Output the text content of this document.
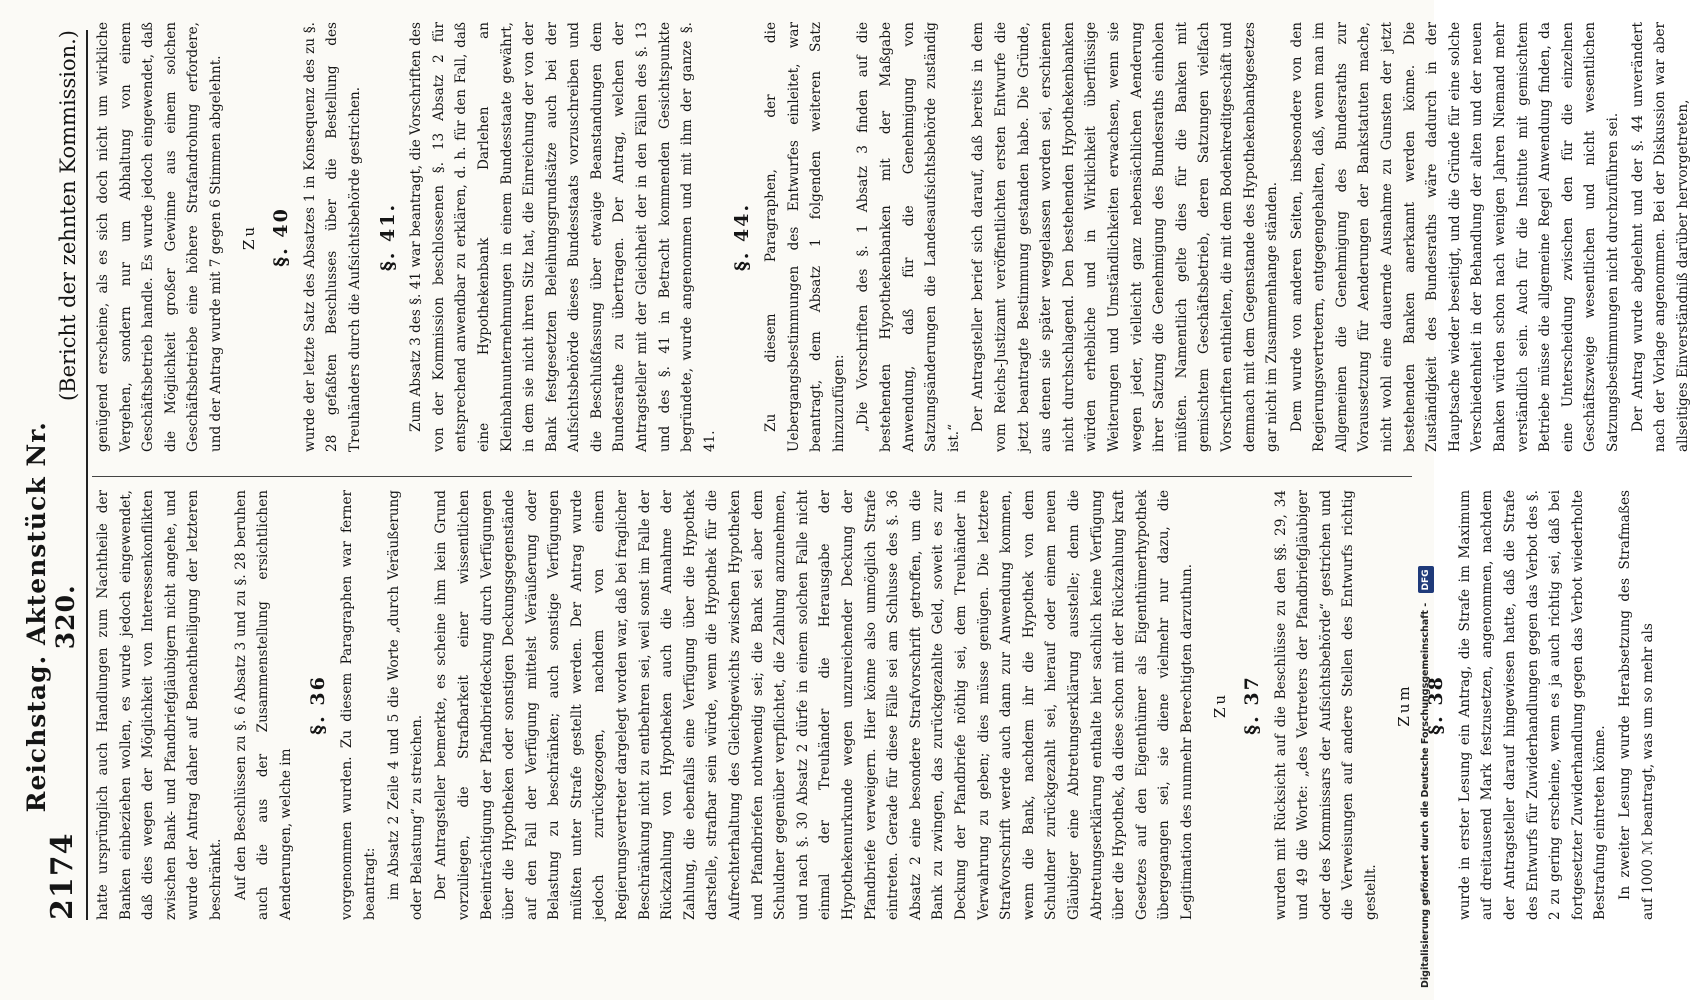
2174
Reichstag. Aktenstück Nr. 320.
(Bericht der zehnten Kommission.)

hatte ursprünglich auch Handlungen zum Nachtheile der Banken einbeziehen wollen, es wurde jedoch eingewendet, daß dies wegen der Möglichkeit von Interessenkonflikten zwischen Bank- und Pfandbriefgläubigern nicht angehe, und wurde der Antrag daher auf Benachtheiligung der letzteren beschränkt. Auf den Beschlüssen zu §. 6 Absatz 3 und zu §. 28 beruhen auch die aus der Zusammenstellung ersichtlichen Aenderungen, welche im

§. 36 vorgenommen wurden. Zu diesem Paragraphen war ferner beantragt: im Absatz 2 Zeile 4 und 5 die Worte „durch Veräußerung oder Belastung“ zu streichen. Der Antragsteller bemerkte, es scheine ihm kein Grund vorzuliegen, die Strafbarkeit einer wissentlichen Beeinträchtigung der Pfandbriefdeckung durch Verfügungen über die Hypotheken oder sonstigen Deckungsgegenstände auf den Fall der Verfügung mittelst Veräußerung oder Belastung zu beschränken; auch sonstige Verfügungen müßten unter Strafe gestellt werden. Der Antrag wurde jedoch zurückgezogen, nachdem von einem Regierungsvertreter dargelegt worden war, daß bei fraglicher Beschränkung nicht zu entbehren sei, weil sonst im Falle der Rückzahlung von Hypotheken auch die Annahme der Zahlung, die ebenfalls eine Verfügung über die Hypothek darstelle, strafbar sein würde, wenn die Hypothek für die Aufrechterhaltung des Gleichgewichts zwischen Hypotheken und Pfandbriefen nothwendig sei; die Bank sei aber dem Schuldner gegenüber verpflichtet, die Zahlung anzunehmen, und nach §. 30 Absatz 2 dürfe in einem solchen Falle nicht einmal der Treuhänder die Herausgabe der Hypothekenurkunde wegen unzureichender Deckung der Pfandbriefe verweigern. Hier könne also unmöglich Strafe eintreten. Gerade für diese Fälle sei am Schlusse des §. 36 Absatz 2 eine besondere Strafvorschrift getroffen, um die Bank zu zwingen, das zurückgezahlte Geld, soweit es zur Deckung der Pfandbriefe nöthig sei, dem Treuhänder in Verwahrung zu geben; dies müsse genügen. Die letztere Strafvorschrift werde auch dann zur Anwendung kommen, wenn die Bank, nachdem ihr die Hypothek von dem Schuldner zurückgezahlt sei, hierauf oder einem neuen Gläubiger eine Abtretungserklärung ausstelle; denn die Abtretungserklärung enthalte hier sachlich keine Verfügung über die Hypothek, da diese schon mit der Rückzahlung kraft Gesetzes auf den Eigenthümer als Eigenthümerhypothek übergegangen sei, sie diene vielmehr nur dazu, die Legitimation des nunmehr Berechtigten darzuthun. Zu §. 37 wurden mit Rücksicht auf die Beschlüsse zu den §§. 29, 34 und 49 die Worte: „des Vertreters der Pfandbriefgläubiger oder des Kommissars der Aufsichtsbehörde“ gestrichen und die Verweisungen auf andere Stellen des Entwurfs richtig gestellt.

Zum §. 38 wurde in erster Lesung ein Antrag, die Strafe im Maximum auf dreitausend Mark festzusetzen, angenommen, nachdem der Antragsteller darauf hingewiesen hatte, daß die Strafe des Entwurfs für Zuwiderhandlungen gegen das Verbot des §. 2 zu gering erscheine, wenn es ja auch richtig sei, daß bei fortgesetzter Zuwiderhandlung gegen das Verbot wiederholte Bestrafung eintreten könne. In zweiter Lesung wurde Herabsetzung des Strafmaßes auf 1000 ℳ beantragt, was um so mehr als

genügend erscheine, als es sich doch nicht um wirkliche Vergehen, sondern nur um Abhaltung von einem Geschäftsbetrieb handle. Es wurde jedoch eingewendet, daß die Möglichkeit großer Gewinne aus einem solchen Geschäftsbetriebe eine höhere Strafandrohung erfordere, und der Antrag wurde mit 7 gegen 6 Stimmen abgelehnt. Zu §. 40 wurde der letzte Satz des Absatzes 1 in Konsequenz des zu §. 28 gefaßten Beschlusses über die Bestellung des Treuhänders durch die Aufsichtsbehörde gestrichen. §. 41. Zum Absatz 3 des §. 41 war beantragt, die Vorschriften des von der Kommission beschlossenen §. 13 Absatz 2 für entsprechend anwendbar zu erklären, d. h. für den Fall, daß eine Hypothekenbank Darlehen an Kleinbahnunternehmungen in einem Bundesstaate gewährt, in dem sie nicht ihren Sitz hat, die Einreichung der von der Bank festgesetzten Beleihungsgrundsätze auch bei der Aufsichtsbehörde dieses Bundesstaats vorzuschreiben und die Beschlußfassung über etwaige Beanstandungen dem Bundesrathe zu übertragen. Der Antrag, welchen der Antragsteller mit der Gleichheit der in den Fällen des §. 13 und des §. 41 in Betracht kommenden Gesichtspunkte begründete, wurde angenommen und mit ihm der ganze §. 41.

§. 44. Zu diesem Paragraphen, der die Uebergangsbestimmungen des Entwurfes einleitet, war beantragt, dem Absatz 1 folgenden weiteren Satz hinzuzufügen: „Die Vorschriften des §. 1 Absatz 3 finden auf die bestehenden Hypothekenbanken mit der Maßgabe Anwendung, daß für die Genehmigung von Satzungsänderungen die Landesaufsichtsbehörde zuständig ist.“

Der Antragsteller berief sich darauf, daß bereits in dem vom Reichs-Justizamt veröffentlichten ersten Entwurfe die jetzt beantragte Bestimmung gestanden habe. Die Gründe, aus denen sie später weggelassen worden sei, erschienen nicht durchschlagend. Den bestehenden Hypothekenbanken würden erhebliche und in Wirklichkeit überflüssige Weiterungen und Umständlichkeiten erwachsen, wenn sie wegen jeder, vielleicht ganz nebensächlichen Aenderung ihrer Satzung die Genehmigung des Bundesraths einholen müßten. Namentlich gelte dies für die Banken mit gemischtem Geschäftsbetrieb, deren Satzungen vielfach Vorschriften enthielten, die mit dem Bodenkreditgeschäft und demnach mit dem Gegenstande des Hypothekenbankgesetzes gar nicht im Zusammenhange ständen. Dem wurde von anderen Seiten, insbesondere von den Regierungsvertretern, entgegengehalten, daß, wenn man im Allgemeinen die Genehmigung des Bundesraths zur Voraussetzung für Aenderungen der Bankstatuten mache, nicht wohl eine dauernde Ausnahme zu Gunsten der jetzt bestehenden Banken anerkannt werden könne. Die Zuständigkeit des Bundesraths wäre dadurch in der Hauptsache wieder beseitigt, und die Gründe für eine solche Verschiedenheit in der Behandlung der alten und der neuen Banken würden schon nach wenigen Jahren Niemand mehr verständlich sein. Auch für die Institute mit gemischtem Betriebe müsse die allgemeine Regel Anwendung finden, da eine Unterscheidung zwischen den für die einzelnen Geschäftszweige wesentlichen und nicht wesentlichen Satzungsbestimmungen nicht durchzuführen sei. Der Antrag wurde abgelehnt und der §. 44 unverändert nach der Vorlage angenommen. Bei der Diskussion war aber allseitiges Einverständniß darüber hervorgetreten,

Digitalisierung gefördert durch die Deutsche Forschungsgemeinschaft - DFG
